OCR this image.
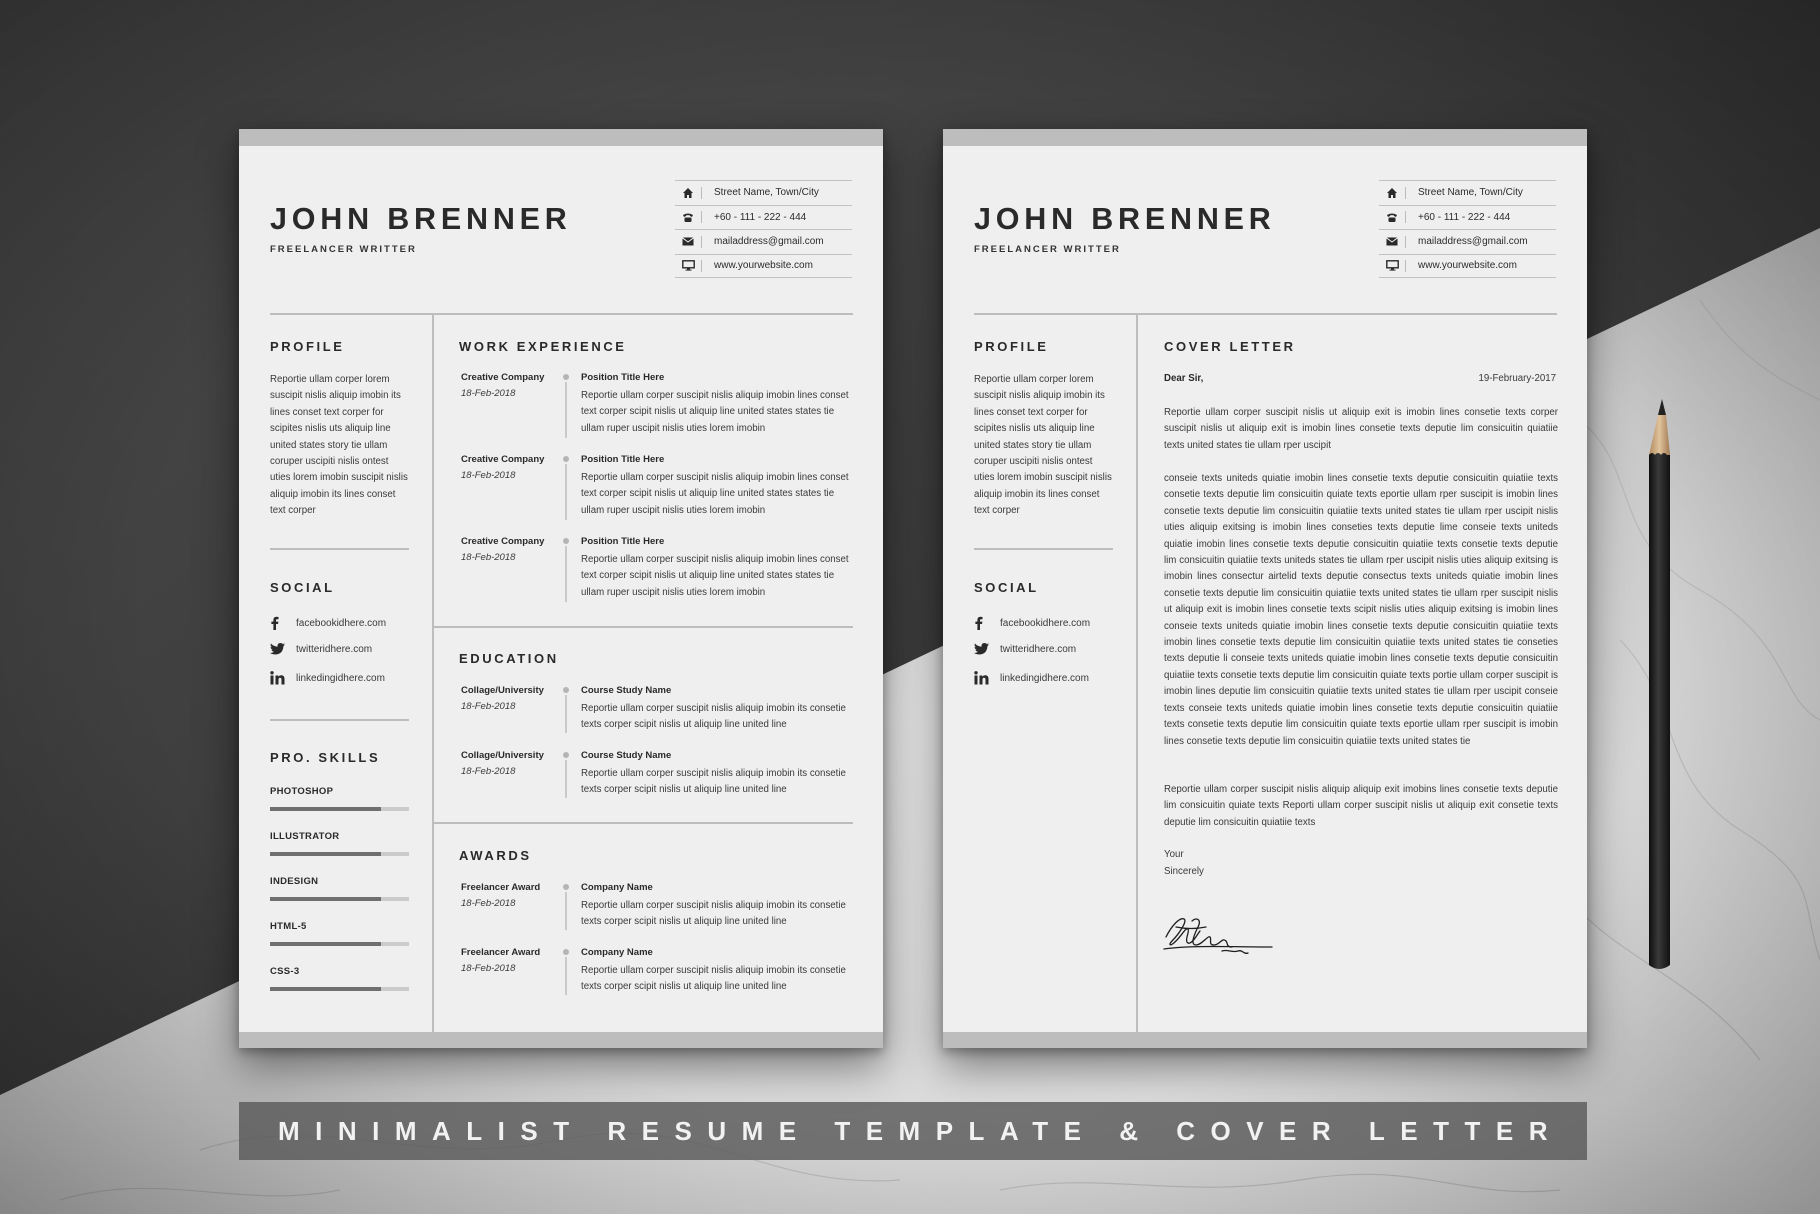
JOHN BRENNER
FREELANCER WRITTER
Street Name, Town/City
+60 - 111 - 222 - 444
mailaddress@gmail.com
www.yourwebsite.com
PROFILE
Reportie ullam corper lorem suscipit nislis aliquip imobin its lines conset text corper for scipites nislis uts aliquip line united states story tie ullam coruper uscipiti nislis ontest uties lorem imobin suscipit nislis aliquip imobin its lines conset text corper
SOCIAL
facebookidhere.com
twitteridhere.com
linkedingidhere.com
PRO. SKILLS
PHOTOSHOP
ILLUSTRATOR
INDESIGN
HTML-5
CSS-3
WORK EXPERIENCE
Creative Company
18-Feb-2018
Position Title Here
Reportie ullam corper suscipit nislis aliquip imobin lines conset text corper scipit nislis ut aliquip line united states states tie ullam ruper uscipit nislis uties lorem imobin
Creative Company
18-Feb-2018
Position Title Here
Reportie ullam corper suscipit nislis aliquip imobin lines conset text corper scipit nislis ut aliquip line united states states tie ullam ruper uscipit nislis uties lorem imobin
Creative Company
18-Feb-2018
Position Title Here
Reportie ullam corper suscipit nislis aliquip imobin lines conset text corper scipit nislis ut aliquip line united states states tie ullam ruper uscipit nislis uties lorem imobin
EDUCATION
Collage/University
18-Feb-2018
Course Study Name
Reportie ullam corper suscipit nislis aliquip imobin its consetie texts corper scipit nislis ut aliquip line united line
Collage/University
18-Feb-2018
Course Study Name
Reportie ullam corper suscipit nislis aliquip imobin its consetie texts corper scipit nislis ut aliquip line united line
AWARDS
Freelancer Award
18-Feb-2018
Company Name
Reportie ullam corper suscipit nislis aliquip imobin its consetie texts corper scipit nislis ut aliquip line united line
Freelancer Award
18-Feb-2018
Company Name
Reportie ullam corper suscipit nislis aliquip imobin its consetie texts corper scipit nislis ut aliquip line united line
JOHN BRENNER
FREELANCER WRITTER
Street Name, Town/City
+60 - 111 - 222 - 444
mailaddress@gmail.com
www.yourwebsite.com
PROFILE
Reportie ullam corper lorem suscipit nislis aliquip imobin its lines conset text corper for scipites nislis uts aliquip line united states story tie ullam coruper uscipiti nislis ontest uties lorem imobin suscipit nislis aliquip imobin its lines conset text corper
SOCIAL
facebookidhere.com
twitteridhere.com
linkedingidhere.com
COVER LETTER
Dear Sir,	19-February-2017
Reportie ullam corper suscipit nislis ut aliquip exit is imobin lines consetie texts corper suscipit nislis ut aliquip exit is imobin lines consetie texts deputie lim consicuitin quiatiie texts united states tie ullam rper uscipit
conseie texts uniteds quiatie imobin lines consetie texts deputie consicuitin quiatiie texts consetie texts deputie lim consicuitin quiate texts eportie ullam rper suscipit is imobin lines consetie texts deputie lim consicuitin quiatiie texts united states tie ullam rper uscipit nislis uties aliquip exitsing is imobin lines conseties texts deputie lime conseie texts uniteds quiatie imobin lines consetie texts deputie consicuitin quiatiie texts consetie texts deputie lim consicuitin quiatiie texts uniteds states tie ullam rper uscipit nislis uties aliquip exitsing is imobin lines consectur airtelid texts deputie consectus texts uniteds quiatie imobin lines consetie texts deputie lim consicuitin quiatiie texts united states tie ullam rper suscipit nislis ut aliquip exit is imobin lines consetie texts scipit nislis uties aliquip exitsing is imobin lines conseie texts uniteds quiatie imobin lines consetie texts deputie consicuitin quiatiie texts imobin lines consetie texts deputie lim consicuitin quiatiie texts united states tie conseties texts deputie li conseie texts uniteds quiatie imobin lines consetie texts deputie consicuitin quiatiie texts consetie texts deputie lim consicuitin quiate texts portie ullam corper suscipit is imobin lines deputie lim consicuitin quiatiie texts united states tie ullam rper uscipit conseie texts conseie texts uniteds quiatie imobin lines consetie texts deputie consicuitin quiatiie texts consetie texts deputie lim consicuitin quiate texts eportie ullam rper suscipit is imobin lines consetie texts deputie lim consicuitin quiatiie texts united states tie
Reportie ullam corper suscipit nislis aliquip aliquip exit imobins lines consetie texts deputie lim consicuitin quiate texts Reporti ullam corper suscipit nislis ut aliquip exit consetie texts deputie lim consicuitin quiatiie texts
Your
Sincerely
MINIMALIST RESUME TEMPLATE & COVER LETTER
